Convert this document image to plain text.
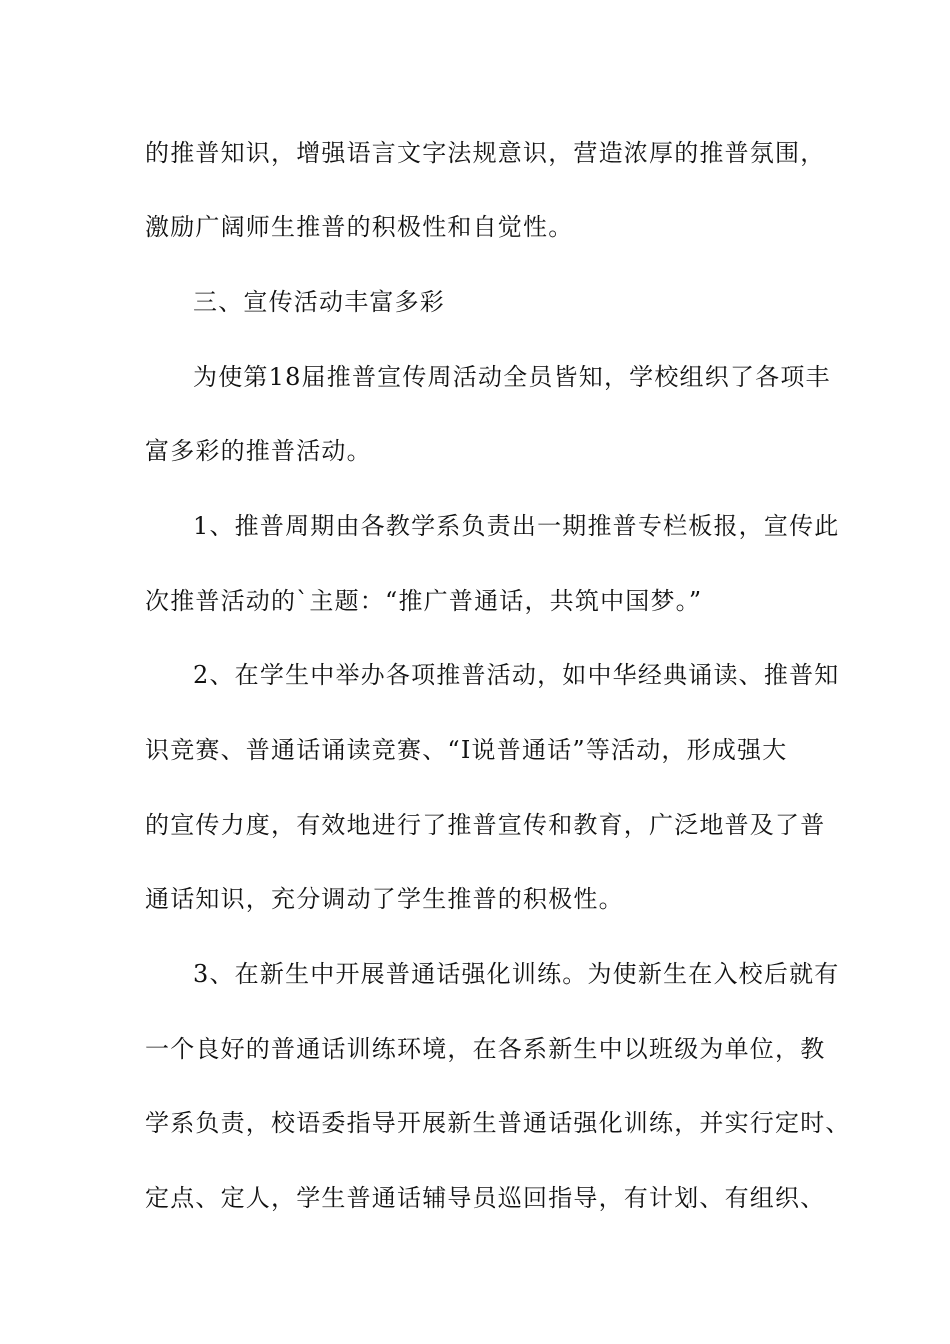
的推普知识，增强语言文字法规意识，营造浓厚的推普氛围，
激励广阔师生推普的积极性和自觉性。
三、宣传活动丰富多彩
为使第18届推普宣传周活动全员皆知，学校组织了各项丰
富多彩的推普活动。
1、推普周期由各教学系负责出一期推普专栏板报，宣传此
次推普活动的`主题：“推广普通话，共筑中国梦。”
2、在学生中举办各项推普活动，如中华经典诵读、推普知
识竞赛、普通话诵读竞赛、“I说普通话”等活动，形成强大
的宣传力度，有效地进行了推普宣传和教育，广泛地普及了普
通话知识，充分调动了学生推普的积极性。
3、在新生中开展普通话强化训练。为使新生在入校后就有
一个良好的普通话训练环境，在各系新生中以班级为单位，教
学系负责，校语委指导开展新生普通话强化训练，并实行定时、
定点、定人，学生普通话辅导员巡回指导，有计划、有组织、
